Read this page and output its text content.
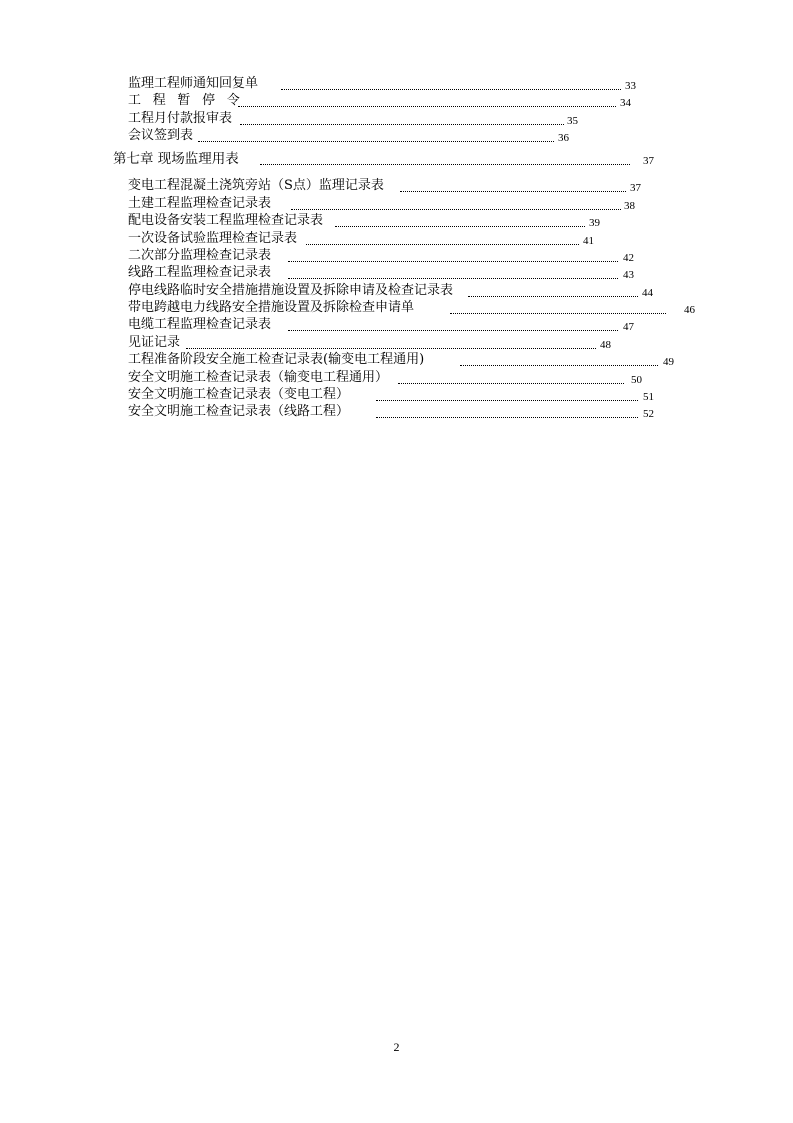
监理工程师通知回复单	33
工程暂停令	34
工程月付款报审表	35
会议签到表	36
第七章 现场监理用表	37
变电工程混凝土浇筑旁站（S点）监理记录表	37
土建工程监理检查记录表	38
配电设备安装工程监理检查记录表	39
一次设备试验监理检查记录表	41
二次部分监理检查记录表	42
线路工程监理检查记录表	43
停电线路临时安全措施措施设置及拆除申请及检查记录表	44
带电跨越电力线路安全措施设置及拆除检查申请单	46
电缆工程监理检查记录表	47
见证记录	48
工程准备阶段安全施工检查记录表(输变电工程通用)	49
安全文明施工检查记录表（输变电工程通用）	50
安全文明施工检查记录表（变电工程）	51
安全文明施工检查记录表（线路工程）	52
2
